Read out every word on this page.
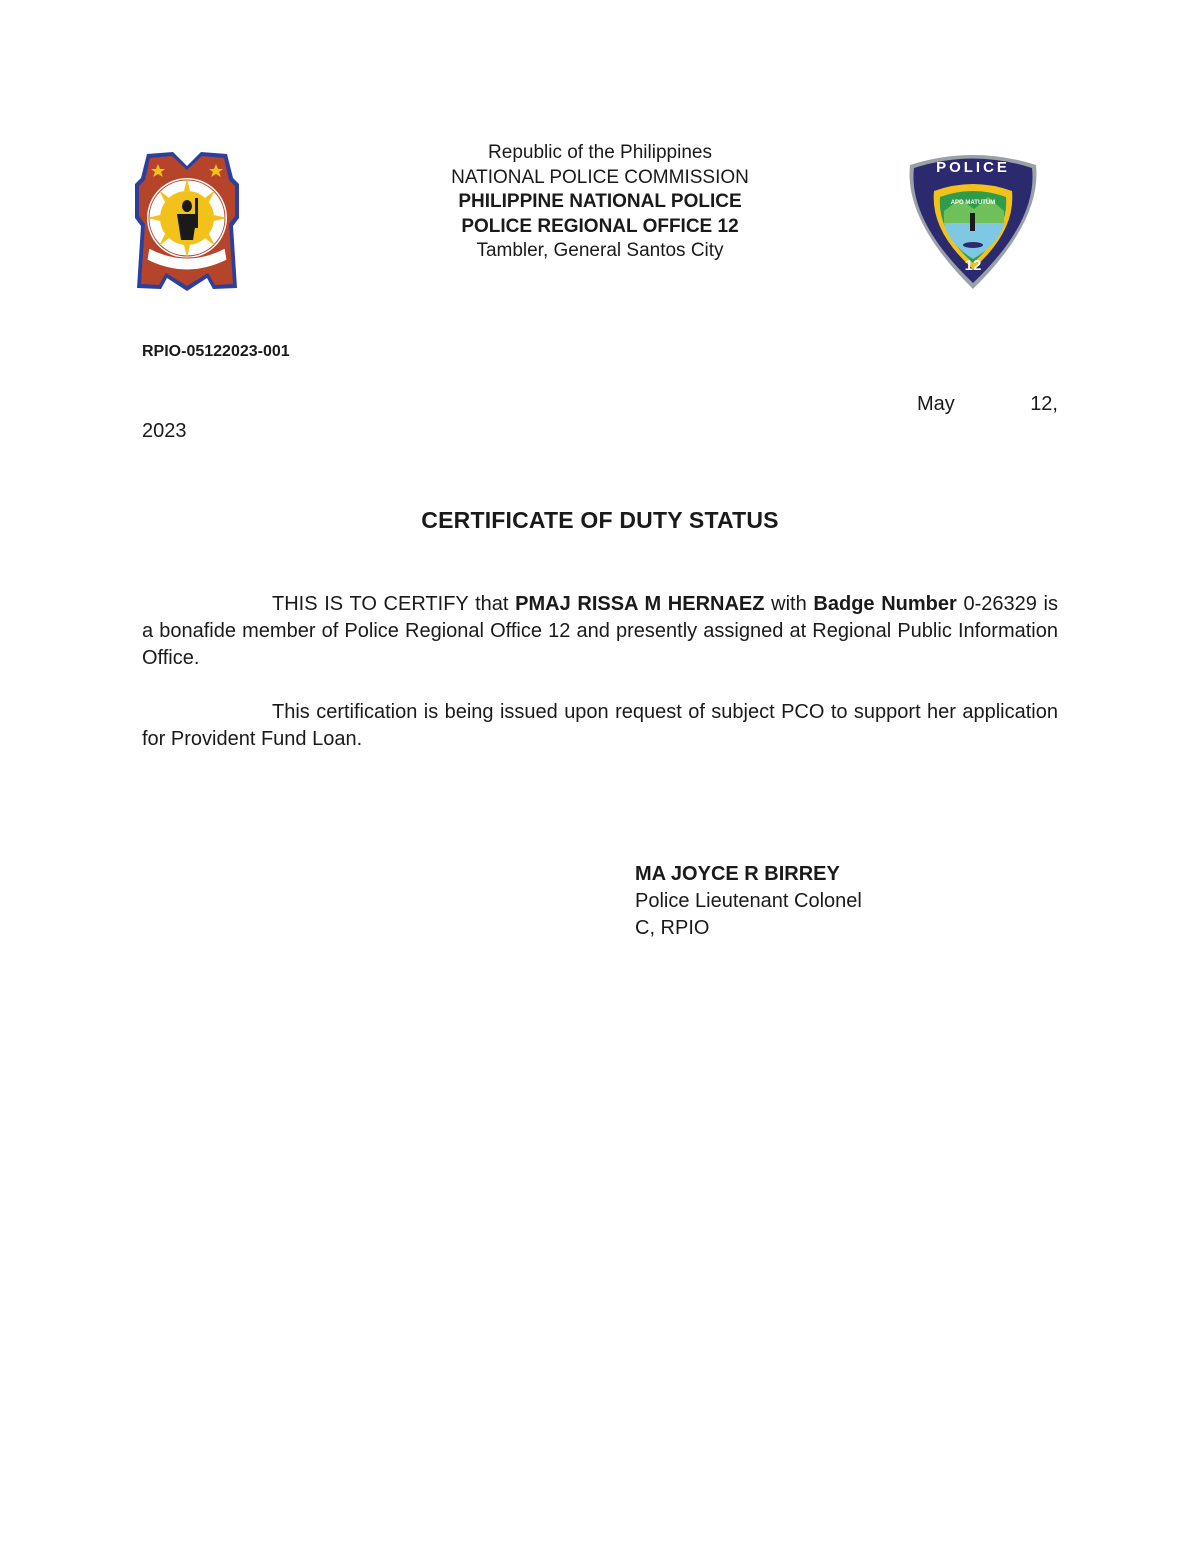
Republic of the Philippines
NATIONAL POLICE COMMISSION
PHILIPPINE NATIONAL POLICE
POLICE REGIONAL OFFICE 12
Tambler, General Santos City
POLICE
12
APO MATUTUM
RPIO-05122023-001
May	12,
2023
CERTIFICATE OF DUTY STATUS
THIS IS TO CERTIFY that PMAJ RISSA M HERNAEZ with Badge Number 0-26329 is a bonafide member of Police Regional Office 12 and presently assigned at Regional Public Information Office.
This certification is being issued upon request of subject PCO to support her application for Provident Fund Loan.
MA JOYCE R BIRREY
Police Lieutenant Colonel
C, RPIO
